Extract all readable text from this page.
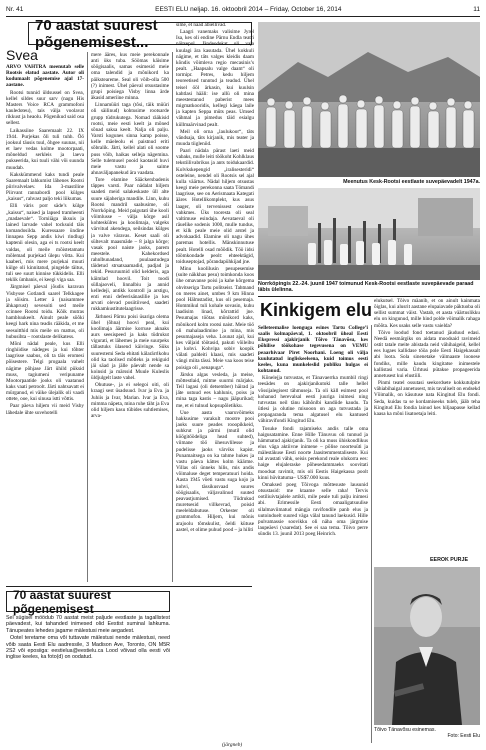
Nr. 41	EESTI ELU neljap. 16. oktoobril 2014 – Friday, October 16, 2014	11
70 aastat suurest põgenemisest...
Svea

ARVO VAHTRA meenutab selle Rootsis elatud aastate. Autor oli kodumaalt põgenemise ajal 17-aastane.

Rootsi tunnid üldsussel on Svea, kellel sildes suur sarv (nagu His Masters Voice RCA grammofoni kauledoteu), tais välja voolavat rikkust ja heaolu. Põgenikud said osa sellest.

Laikassiine Saaremaalt 22. IX 1944. Purjekas õli tuli tuhh. Õö jooksul täusis tuul, õhgee suunas, nii et laev vedas kolme mootorpaati, mõneldud serkleis ja laeva pukseerida, kui tuuli vähi või suunda muudab.

Kakskümmend kaks tundi peale Saaremaalt lahkumist lähenes Rootsi piirivalvelaev. Ida 3-mastiline Piirvant rannabordi pool külges „kaisus“, rahvast paljo teki liikumas.

Elli väris porr säde’s külge „kaissu“, naised ja lapsed tramheenti „madaevale“. Torniiäga üksuis ja lained larvade vahel tocksuid täis komandosilda. Kuressaare ündine linnapea Sepp andis kiwi rindlugi kaptenii olesin, aga ei ts rootsi keelt valdas, oli meile mõistetamatu mõlemad purjekad ülepu võtta. Kui kaaberi, mis mere purjekai muuti külge oli kinnitatud, pingelde täitus, tuli see suurt kinnise tükkidelis. Elli teklik ümbanis, ei keegi viga saa.

Järgmisel päeval jõudis karavan Visbysse Gotlandi saarel Telkkagee ja sõisim. Letter ä (naisammee ähkaprust) sevesoiti sed meile ccinnee Rootsi toidu. Kõik mutras hambluukeelt. Ainult peale sõõki keegi hark nina teadis rääkida, et me seesuitthid mis meile on mattus, oli hubusihta – rootslaste delikatess.

Mõni nädal peale, kus Elli ringhiidise nädeges ja kui tõhter laagrisse saabus, oli ta täis eromesi põisestere. Telgi progaala vahelt nägime põhjase Järt ühild püksid muss, tagiumeni veripuname Mootorpaatide jooks oli vaatanud kaks vaati petroolt. Järti nahtsavatt ei mürganud, ei väike ülejalik oli vaadi ottete, ooe, kui sinusa istti võttis.

Paar päeva hiljem vii meid Visby lähedale ühte suvehotelli

mere ääres, kus meie perekonnale anti üks tuba. Söömas käisime söögisaalis, samas esimesid meie oma talendid ja mõnikord ka päiksteareme. Seal oli võib-olla 500 (?) inimest. Ühel päeval otsustasime grupi poisiega Visby linna ärde äkasid ameriine minna.

Linnamüüri taga (tõsi, täik müüri oli säilinud) kohtusime rootsarde grupp tüdrukutega. Nomad rääkisid rootsi, meie eesti keelt ja mõned sõnad saksa keelt. Nalja oli palju. Varsti kogunes sinna kamp poisse, kelle mäeleolu ei paistnud eriti sõbralik. Järti, kellel alati oli soome puss võib, haikas selleja nägemina. Selle tulemusel pooid kaotasid huvi meie vastu ja saime ahnaväljapanekud ära vaadata.

Tore elamine Sääckersbadenis täppes varsti. Paar nädalat hiljem saadeti meid salakeskaste üll alte suure säjaheriga mandile. Linn, kuhu Rootsi mandril saabusime, oli Norrköping. Meid paigutati ühe kooli võimlusse – välja kõrge asil kohteskülres ja koolimaja, valgeks värvitud akendega, seilsindas külges ja valve väravas. Keset saali oli sültevalt maasmäde – 8 jalga kõrge; vasak pool naiste jaoks, parem meestele. Kahekordsed rahnlbunadand, puulaastudega täidetud strsatsaamadid, padjad ja tekid. Pesuruumid olid kelderis, aga käimlad hoovil. Toit toodi süllajaoveli, linnalbiu ja annid kelledeji, antikk kontroll ja arstigu, enti enni defeerisänaslilie ja kes arvati olevad posiitiivsed, saadeti rukkamkustitutelaagrisse.

Järhnesi Pärnu poisi üsariga olema ühel (õhna) hoovi peal, kui koolimaja äärmise korruse aknaks aurs seesispeed ja kaks tüdrukut vigurati, et lähemes ja meie suurpeks tällastuks ülasend käivinge. Süks suurestemi Seda ehitati kälarärrlkohu olid ka taolised mõtleks ja rekiguid jäi säad ja jälle päevalt nende sa koinsid ja märssid Muule Kuleslis üldjulgelt laste vahel.

Ohutuse-, ja ei selegoi oiti, oli kraagi sest üsadsuud. Ivar ja Eva. ja Juhiis ja Ivar, Marian. Ivar ja Eva, mimma näpeta, mina ruhe täht ja Eva olid hiljem kasu tübides suhtlemises, arva-

sime, et naad abiellivad.

Laagri vanemaks valisime Jyrel Isa, kes oli endine Pärnu Endla teatri näitsepol. Jändeodekat oli vaja kuulagi ära kasutada. Ühel kokkuli nägime, et täts valges kleidis daam kõndis võimleva regio mecasinis’s pealt. „Haapsalu valge daam“ oli tormipr. Petres, kedu hiljem teoreetised tunntud ja teadud. Ühel teisel ööl ärkasin, kui kuulsin kahtlasi hääli: ise allü oli mina meestestanud paberist mees migmatkooridis, kellegi käega laile ja kapten Seppa müts peas. Umsed vähmal ja pimedus täid esialgu küllmaärvinad pealt.

Meil oli orna „laulukoor“, täts vändsaja, täts kirjanik, mis teater ja muuda tiigleniid.

Paari nädala pärast laeti meid vabaks, mulle leiti töökoht Kohlklaus tekstiilivabrikus ja ants toidukaardid. Kolvkskepengid „iralisesteridi“ osteleine, nendel oli Rootsis sel ajal kulla väärtus. Nädal hiljem otsustas keegi meie perekonna saata Tömandi laagrisse, see on Aerismaata Kategati ääres Hotellikomplekt, kus asus laager, oli tervenissest osolaste vahkmes. Üks tooresta oli seal valtimuse esindaja. Aevataeval oli räuelike sodenis 1000, mulle tundus, et kilk peale meie olid arstel ja advokaadid. Elamine oli nagu ühes paremas hotellis. Mänskinnutuse pealt. Hotelli osad mõõdik. Töö iidsi töömkondade peolt: ehteektägid, toiduseptojad, põrandapühkijad jne.

Minu koolilusin pesupesemise (suite näkkhas pesu) toimkonda koos ühe omavanse poisi ja kahe kõrgema ohvitseriga Tartu politseist. Tahtnand on meres ainet, umbes 9 km Hinna pool Hälmstadist, kus oli pesemaja. Hommikul tuli kohale sovasin, kuhu laadisim linad, kõrrattid jne. Pesumajas töötas mõnikord kaks, mõnikord kolm rootsi naist. Meie töö oli mahalaadimine ja mina, mis pesumajaseja veha. Lounat ajal, kui kes väljaid töötasid, pakuti võileibu ja kohvi. Kohvipa sobiv koopik välati paldeiti klaasi, mis saadeti vängi miita tässi. Meie vaa koos teise poisiga oli „senapuga“.

Järsku algas vesleda, ja meise, mõttestlaid, mitme suurmi märjaks. Teil lagasi (oli detsember) häirad ja jäte ustuud ees kahlunis, poiss ja mina taga kastis – nagu jääpurikad; me, et ei tulnud kopsupõletikku.

Uue aasta vaaruvõimeks hakkusime varakult mootre pooi jaoks suure peades rooopikkeid, suhkrut ja pärmi (mutil olid köögitöödeliga head suhted), viimane töö ühesuvlilesse ja pudelisse jaoks värviks kapist. Punamaitsega on ka tahme hukes ja vastu päeva kättes kolm käärme. Villas oli ünneks hilis, mis andis võimaluse deget temperatuuri hoida. Aasta 1945 võeti vastu suga kojo ja kohvi, tässikusvaad suures söögisaalis, väljavalinud suuted peavastjumised. Tüdrukud muretsesid villkevrad, poisid meeleldabutuse. Orkester oli grammofon. Hiljem, kui mõnis arajoolu tõmskulist, õeldi kütuse aastel, et olime puhud pood – ja hiliti

(järgneb)
Meenutus Kesk-Rootsi eestlaste suvepäevadelt 1947a.
Norrköpingis 22.-24. juunil 1947 toimunud Kesk-Rootsi eestlaste suvepäevade paraad läbis ülelinna.
70 aastat suurest põgenemisest

Sel sügisel möödub 70 aastat meist paljude eestlaste ja tagallistest päevadest, kui tahanded inimesed olid Eestist suminal lahkuma. Tänupeates lehedes jagame mälestusi meie aegadest.

Ootel teretame oma või tuttavate mälestusi nende mälestusi, need võib saata Eesti Elu aadressile, 3 Madison Ave, Toronto, ON M5R 2S2 või eposiiga: eestielua@eestielu.ca Lood võivad olla eesti või inglise keeles, ka foto(d) on oodatud.

Kinkigem elu

Selleteemalise loenguga esines Tartu College’i saalis kolmapäeval, 1. oktoobril üheal Eesti Ekspressi ajakirjanik Tõivo Tänavõsu, kes põhilise töökohase tegevusena on VEMU peaarhivaar Piret Noorhani. Loeng oli välja kuulutatud ingliskeelsena, kuid toimus eesti keeles, kuna munkeleslid publiku hulgas ei kohtanud.

Kõnelejja tutvustas, et Tänavaerrka mumbil ringi teesädes on ajakirjanikutoki talle hellel võssijalegisest tähmuseja. Ta oli käll esimest pool kohanud herevalsal eesti juuriga inimesi ning tutvustas neil tänu kähõnlbi kandiide kaudu. Ta ütlesi ja olutine misooon on aga tutvustada ja propagaranda tema algatusel elu kantused vähiravifondi Kingitud Elu.

Tosuke fondi rajamiseks andis talle oma haigusatamine. Enne Hille Tänuvuu oli tunnud ja hämmatud ajakirjanik. Ta oli ka muss ühiskondlikus elus väga aktiivne inimene – põlise noorteuüti ja mälestäkuse Eesti noorte Jaasitemmentaliseste. Kui tal avastati vähk, seisis perekond reale olukorra ees: haige elujaleraske põhesedammaeks soovitati moodsat ravimit, mis oli Eestis Haigekassa poolt kinni hüvitatuma– US$7.000 kuus.

Omaksed poeg Tõivoga mõttesuste lausunid otsustasid: me ktaame selle raha! Tervis ootiliuívtajalele artikli, mile peale tuli palju inimesi abi. Erimessile Eesti omaaligatsuulise silalmaviimatud mängja ravifondile panb elus ja uutoinduelt suured väga välal tanund laekusid. Hille pulvamassie soovikku oli näha oma järgmise laupeäevi (vaaredat). See ei saa tema. Tõivo perre sündis 13. juunil 2013 poeg Heinrich.

elukutsel. Tõivo mäanib, et on ainult kainmata õiglas, kui alusrit aastane elupaiavade päktuoba oli sellist summat väist. Vastab, et aasta väärtuslikku elu on kingunud, mille hind polde võimalik rahaga mõõta. Kes usaks selle vastu vaielda?

Tõivo loodud fond toetanud jäuduud edasi. Needä eesmärgiks on aidata moodsaid ravimeid ostit tatale meite abistada neid vähihaigeid, kellel ees lugaes kallidase tööa pole Eesti Haigekassalt abi loota. Sola sinenetake väimaaste loonese fondiks, mille kaudu kingitatse inimestele kallistasi varia. Ürhtusi pütakse propageerida annetusest kui elustiili.

Pinmi teatel ossutasi seekordsete kokkutulpite vähiabihaigal annetusest, mis tavaliselt on endsekd Võimalik, on käsutuse nata Kingitud Elu fondi. Seda, kuidas ta se kordamiseeks tuleb, jääb teha Kingitud Elu fondia lainud kes hiljaapasse kellad kaasa ka mõni lisatoetaja leiti.

EEROK PURJE
Tõivo Tänavõsu esinemas.
Foto: Eesti Elu
